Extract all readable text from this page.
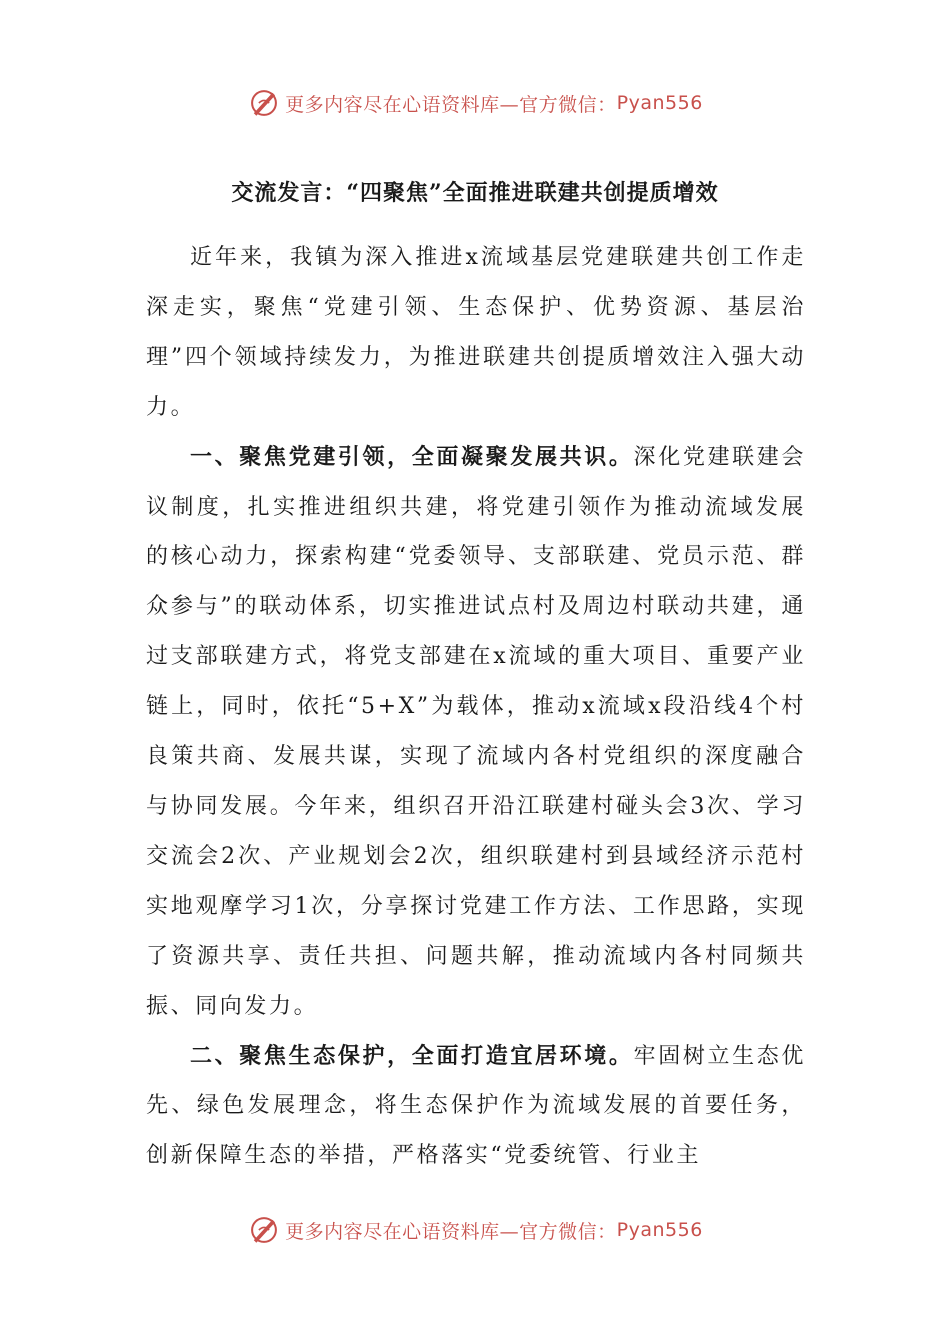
更多内容尽在心语资料库—官方微信： Pyan556
交流发言：“四聚焦”全面推进联建共创提质增效

近年来，我镇为深入推进x流域基层党建联建共创工作走深走实，聚焦“党建引领、生态保护、优势资源、基层治理”四个领域持续发力，为推进联建共创提质增效注入强大动力。

一、聚焦党建引领，全面凝聚发展共识。深化党建联建会议制度，扎实推进组织共建，将党建引领作为推动流域发展的核心动力，探索构建“党委领导、支部联建、党员示范、群众参与”的联动体系，切实推进试点村及周边村联动共建，通过支部联建方式，将党支部建在x流域的重大项目、重要产业链上，同时，依托“5+X”为载体，推动x流域x段沿线4个村良策共商、发展共谋，实现了流域内各村党组织的深度融合与协同发展。今年来，组织召开沿江联建村碰头会3次、学习交流会2次、产业规划会2次，组织联建村到县域经济示范村实地观摩学习1次，分享探讨党建工作方法、工作思路，实现了资源共享、责任共担、问题共解，推动流域内各村同频共振、同向发力。

二、聚焦生态保护，全面打造宜居环境。牢固树立生态优先、绿色发展理念，将生态保护作为流域发展的首要任务，创新保障生态的举措，严格落实“党委统管、行业主

更多内容尽在心语资料库—官方微信： Pyan556
